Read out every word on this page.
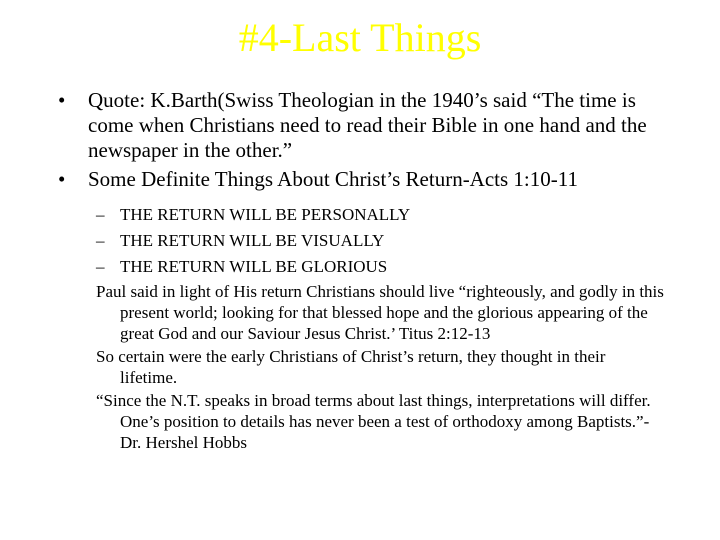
#4-Last Things
• Quote: K.Barth(Swiss Theologian in the 1940’s said “The time is come when Christians need to read their Bible in one hand and the newspaper in the other.”
• Some Definite Things About Christ’s Return-Acts 1:10-11
– THE RETURN WILL BE PERSONALLY
– THE RETURN WILL BE VISUALLY
– THE RETURN WILL BE GLORIOUS
Paul said in light of His return Christians should live “righteously, and godly in this present world; looking for that blessed hope and the glorious appearing of the great God and our Saviour Jesus Christ.’ Titus 2:12-13
So certain were the early Christians of Christ’s return, they thought in their lifetime.
“Since the N.T. speaks in broad terms about last things, interpretations will differ. One’s position to details has never been a test of orthodoxy among Baptists.”-Dr. Hershel Hobbs
